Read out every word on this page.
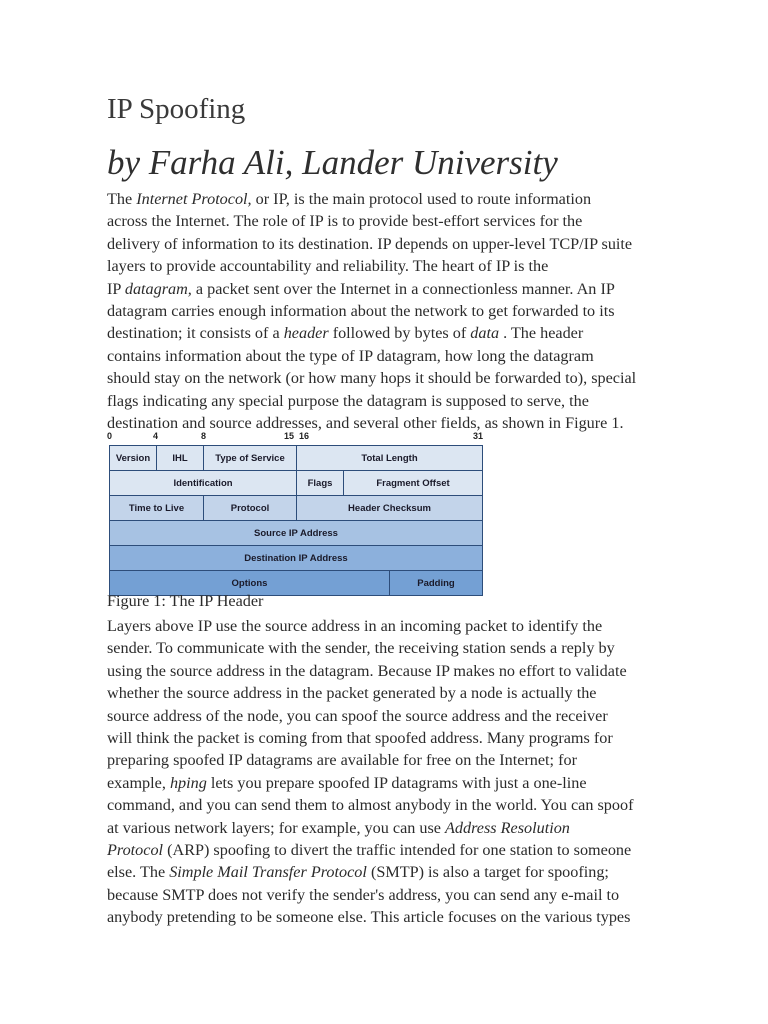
IP Spoofing
by Farha Ali, Lander University
The Internet Protocol, or IP, is the main protocol used to route information
across the Internet. The role of IP is to provide best-effort services for the
delivery of information to its destination. IP depends on upper-level TCP/IP suite
layers to provide accountability and reliability. The heart of IP is the
IP datagram, a packet sent over the Internet in a connectionless manner. An IP
datagram carries enough information about the network to get forwarded to its
destination; it consists of a header followed by bytes of data . The header
contains information about the type of IP datagram, how long the datagram
should stay on the network (or how many hops it should be forwarded to), special
flags indicating any special purpose the datagram is supposed to serve, the
destination and source addresses, and several other fields, as shown in Figure 1.
0	4	8	15 16	31
Version	IHL	Type of Service	Total Length
Identification	Flags	Fragment Offset
Time to Live	Protocol	Header Checksum
Source IP Address
Destination IP Address
Options	Padding
Figure 1: The IP Header
Layers above IP use the source address in an incoming packet to identify the
sender. To communicate with the sender, the receiving station sends a reply by
using the source address in the datagram. Because IP makes no effort to validate
whether the source address in the packet generated by a node is actually the
source address of the node, you can spoof the source address and the receiver
will think the packet is coming from that spoofed address. Many programs for
preparing spoofed IP datagrams are available for free on the Internet; for
example, hping lets you prepare spoofed IP datagrams with just a one-line
command, and you can send them to almost anybody in the world. You can spoof
at various network layers; for example, you can use Address Resolution
Protocol (ARP) spoofing to divert the traffic intended for one station to someone
else. The Simple Mail Transfer Protocol (SMTP) is also a target for spoofing;
because SMTP does not verify the sender's address, you can send any e-mail to
anybody pretending to be someone else. This article focuses on the various types
